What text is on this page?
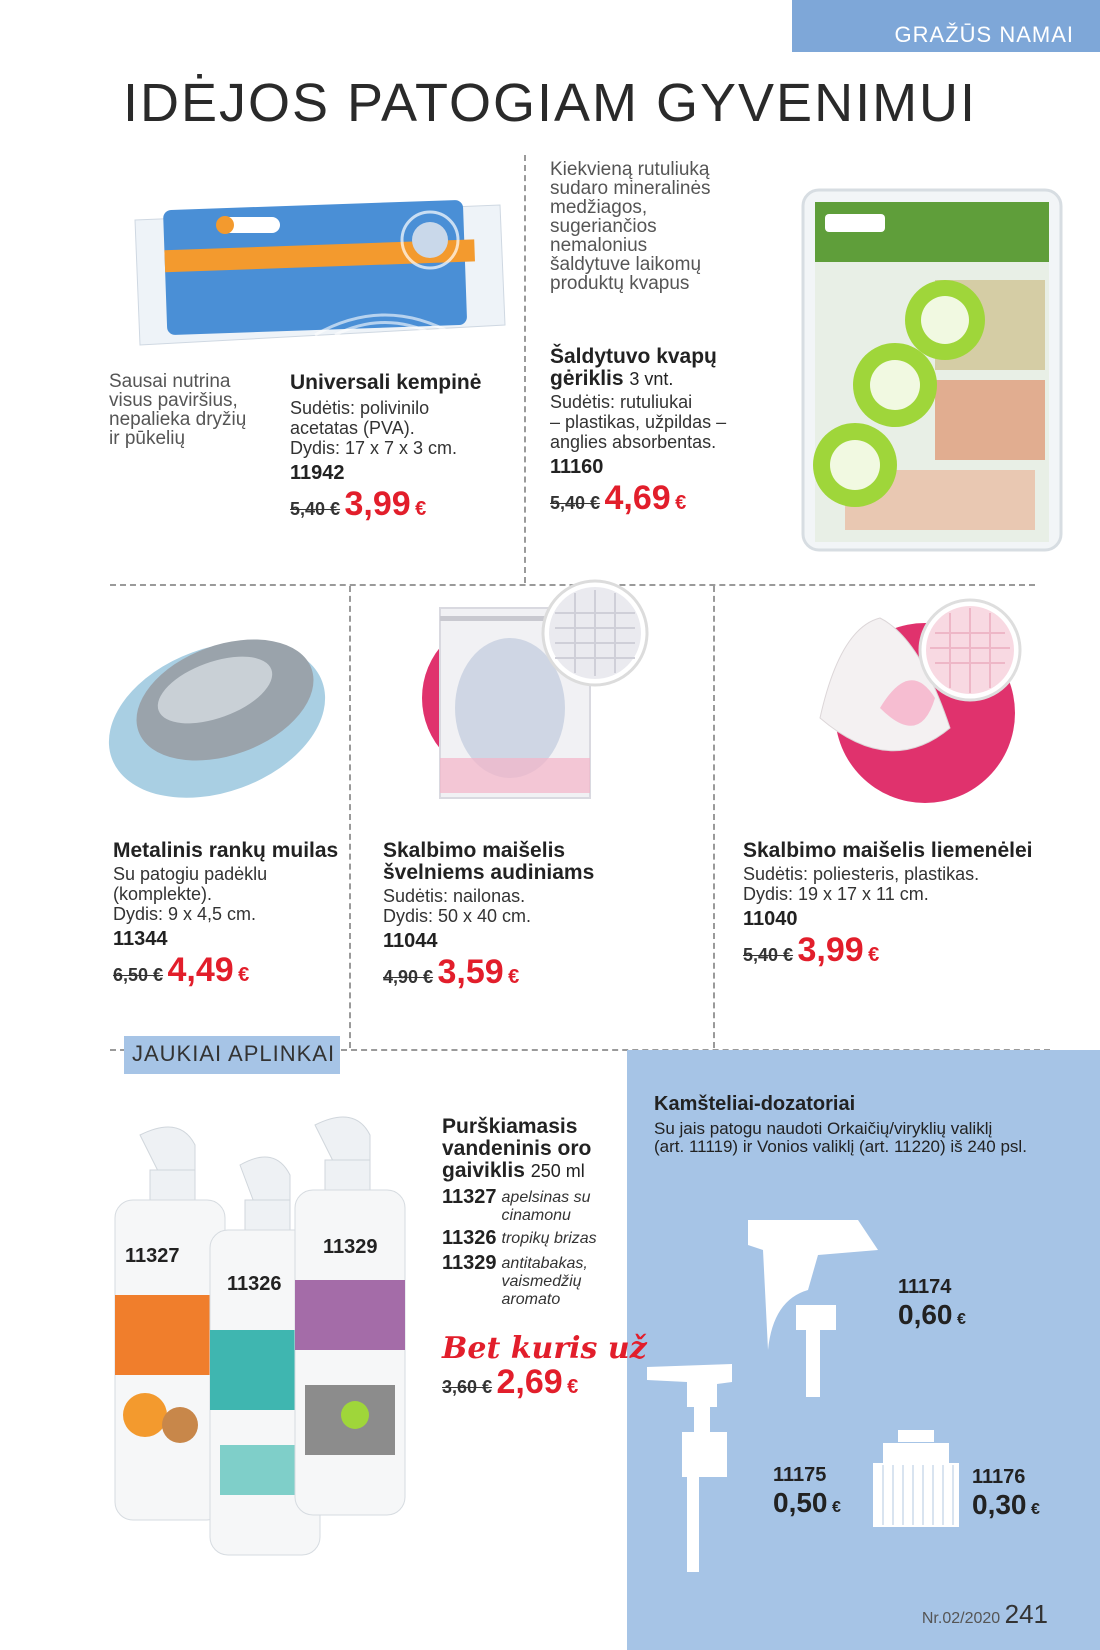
GRAŽŪS NAMAI
IDĖJOS PATOGIAM GYVENIMUI
Sausai nutrina
visus paviršius,
nepalieka dryžių
ir pūkelių
Universali kempinė
Sudėtis: polivinilo
acetatas (PVA).
Dydis: 17 x 7 x 3 cm.
11942
5,40 € 3,99 €
Kiekvieną rutuliuką
sudaro mineralinės
medžiagos,
sugeriančios
nemalonius
šaldytuve laikomų
produktų kvapus
Šaldytuvo kvapų
gėriklis 3 vnt.
Sudėtis: rutuliukai
– plastikas, užpildas –
anglies absorbentas.
11160
5,40 € 4,69 €
Metalinis rankų muilas
Su patogiu padėklu
(komplekte).
Dydis: 9 x 4,5 cm.
11344
6,50 € 4,49 €
Skalbimo maišelis
švelniems audiniams
Sudėtis: nailonas.
Dydis: 50 x 40 cm.
11044
4,90 € 3,59 €
Skalbimo maišelis liemenėlei
Sudėtis: poliesteris, plastikas.
Dydis: 19 x 17 x 11 cm.
11040
5,40 € 3,99 €
JAUKIAI APLINKAI
11327
11326
11329
Purškiamasis
vandeninis oro
gaiviklis 250 ml
11327 apelsinas su
cinamonu
11326 tropikų brizas
11329 antitabakas,
vaismedžių
aromato
Bet kuris už
3,60 € 2,69 €
Kamšteliai-dozatoriai
Su jais patogu naudoti Orkaičių/viryklių valiklį
(art. 11119) ir Vonios valiklį (art. 11220) iš 240 psl.
11174
0,60 €
11175
0,50 €
11176
0,30 €
Nr.02/2020 241
